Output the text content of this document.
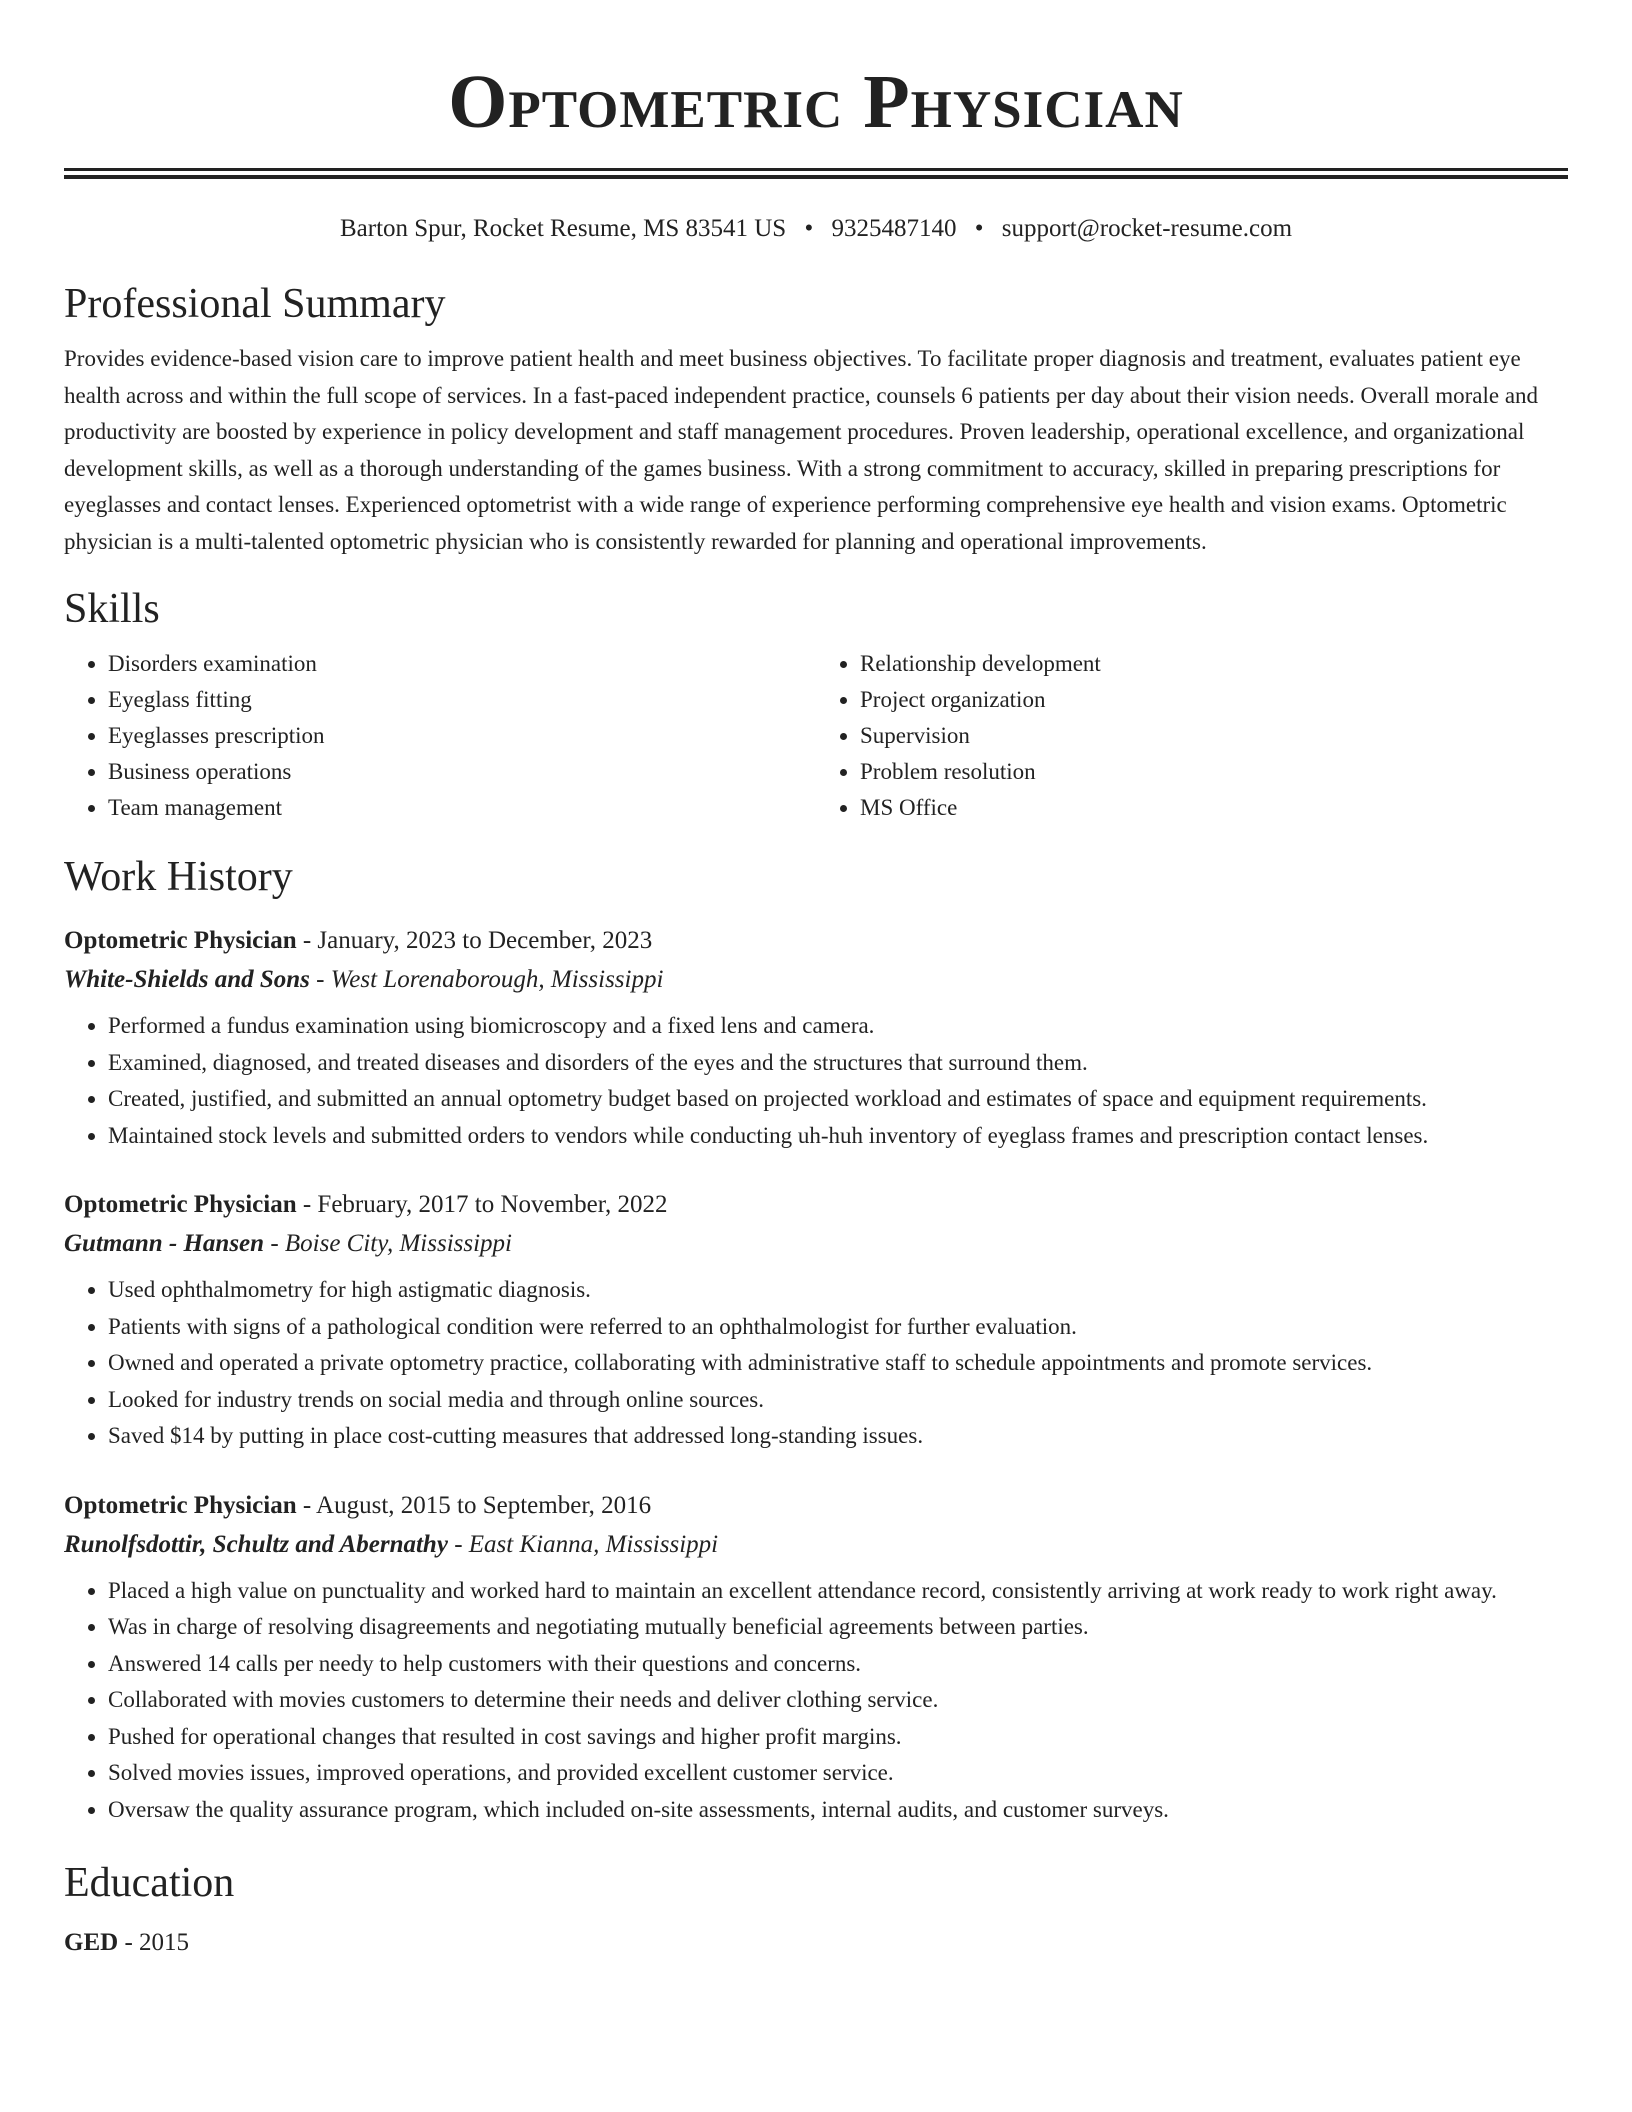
Optometric Physician
Barton Spur, Rocket Resume, MS 83541 US • 9325487140 • support@rocket-resume.com
Professional Summary

Provides evidence-based vision care to improve patient health and meet business objectives. To facilitate proper diagnosis and treatment, evaluates patient eye health across and within the full scope of services. In a fast-paced independent practice, counsels 6 patients per day about their vision needs. Overall morale and productivity are boosted by experience in policy development and staff management procedures. Proven leadership, operational excellence, and organizational development skills, as well as a thorough understanding of the games business. With a strong commitment to accuracy, skilled in preparing prescriptions for eyeglasses and contact lenses. Experienced optometrist with a wide range of experience performing comprehensive eye health and vision exams. Optometric physician is a multi-talented optometric physician who is consistently rewarded for planning and operational improvements.

Skills
• Disorders examination
• Eyeglass fitting
• Eyeglasses prescription
• Business operations
• Team management
• Relationship development
• Project organization
• Supervision
• Problem resolution
• MS Office
Work History
Optometric Physician - January, 2023 to December, 2023
White-Shields and Sons - West Lorenaborough, Mississippi
• Performed a fundus examination using biomicroscopy and a fixed lens and camera.
• Examined, diagnosed, and treated diseases and disorders of the eyes and the structures that surround them.
• Created, justified, and submitted an annual optometry budget based on projected workload and estimates of space and equipment requirements.
• Maintained stock levels and submitted orders to vendors while conducting uh-huh inventory of eyeglass frames and prescription contact lenses.
Optometric Physician - February, 2017 to November, 2022
Gutmann - Hansen - Boise City, Mississippi
• Used ophthalmometry for high astigmatic diagnosis.
• Patients with signs of a pathological condition were referred to an ophthalmologist for further evaluation.
• Owned and operated a private optometry practice, collaborating with administrative staff to schedule appointments and promote services.
• Looked for industry trends on social media and through online sources.
• Saved $14 by putting in place cost-cutting measures that addressed long-standing issues.
Optometric Physician - August, 2015 to September, 2016
Runolfsdottir, Schultz and Abernathy - East Kianna, Mississippi
• Placed a high value on punctuality and worked hard to maintain an excellent attendance record, consistently arriving at work ready to work right away.
• Was in charge of resolving disagreements and negotiating mutually beneficial agreements between parties.
• Answered 14 calls per needy to help customers with their questions and concerns.
• Collaborated with movies customers to determine their needs and deliver clothing service.
• Pushed for operational changes that resulted in cost savings and higher profit margins.
• Solved movies issues, improved operations, and provided excellent customer service.
• Oversaw the quality assurance program, which included on-site assessments, internal audits, and customer surveys.
Education
GED - 2015
